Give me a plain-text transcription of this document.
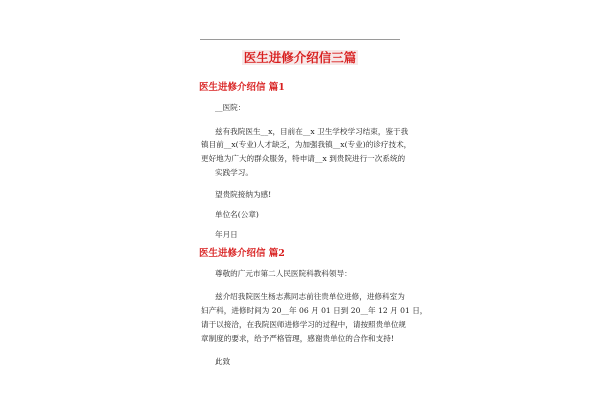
医生进修介绍信三篇
医生进修介绍信 篇1
__医院：
兹有我院医生__x，目前在__x 卫生学校学习结束，鉴于我
镇目前__x(专业)人才缺乏，为加强我镇__x(专业)的诊疗技术，
更好地为广大的群众服务，特申请__x 到贵院进行一次系统的
实践学习。
望贵院接纳为感!
单位名(公章)
年月日
医生进修介绍信 篇2
尊敬的广元市第二人民医院科教科领导：
兹介绍我院医生杨志燕同志前往贵单位进修，进修科室为
妇产科，进修时间为 20__年 06 月 01 日到 20__年 12 月 01 日，
请于以接洽，在我院医师进修学习的过程中，请按照贵单位规
章制度的要求，给予严格管理，感谢贵单位的合作和支持!
此致
